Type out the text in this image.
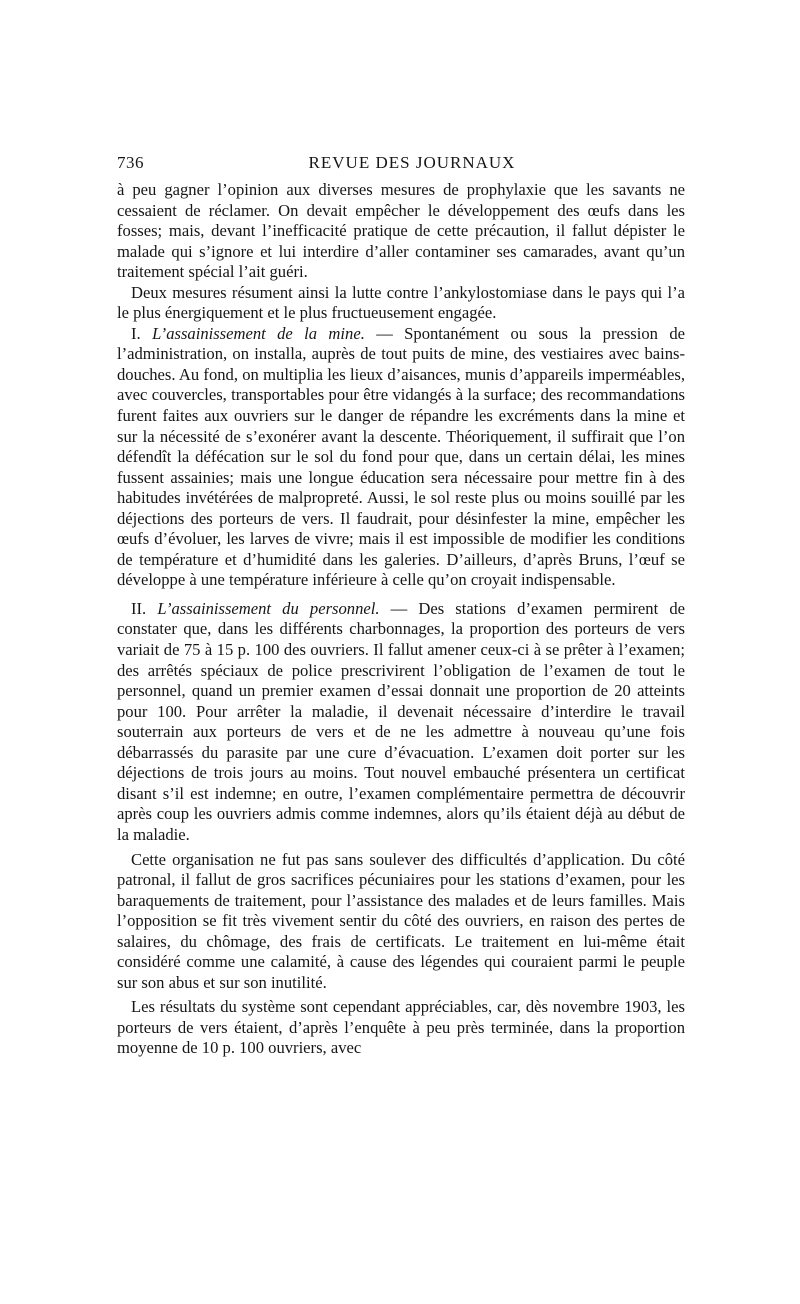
736	REVUE DES JOURNAUX

à peu gagner l’opinion aux diverses mesures de prophylaxie que les savants ne cessaient de réclamer. On devait empêcher le développement des œufs dans les fosses; mais, devant l’inefficacité pratique de cette précaution, il fallut dépister le malade qui s’ignore et lui interdire d’aller contaminer ses camarades, avant qu’un traitement spécial l’ait guéri.

Deux mesures résument ainsi la lutte contre l’ankylostomiase dans le pays qui l’a le plus énergiquement et le plus fructueusement engagée.

I. L’assainissement de la mine. — Spontanément ou sous la pression de l’administration, on installa, auprès de tout puits de mine, des vestiaires avec bains-douches. Au fond, on multiplia les lieux d’aisances, munis d’appareils imperméables, avec couvercles, transportables pour être vidangés à la surface; des recommandations furent faites aux ouvriers sur le danger de répandre les excréments dans la mine et sur la nécessité de s’exonérer avant la descente. Théoriquement, il suffirait que l’on défendît la défécation sur le sol du fond pour que, dans un certain délai, les mines fussent assainies; mais une longue éducation sera nécessaire pour mettre fin à des habitudes invétérées de malpropreté. Aussi, le sol reste plus ou moins souillé par les déjections des porteurs de vers. Il faudrait, pour désinfester la mine, empêcher les œufs d’évoluer, les larves de vivre; mais il est impossible de modifier les conditions de température et d’humidité dans les galeries. D’ailleurs, d’après Bruns, l’œuf se développe à une température inférieure à celle qu’on croyait indispensable.

II. L’assainissement du personnel. — Des stations d’examen permirent de constater que, dans les différents charbonnages, la proportion des porteurs de vers variait de 75 à 15 p. 100 des ouvriers. Il fallut amener ceux-ci à se prêter à l’examen; des arrêtés spéciaux de police prescrivirent l’obligation de l’examen de tout le personnel, quand un premier examen d’essai donnait une proportion de 20 atteints pour 100. Pour arrêter la maladie, il devenait nécessaire d’interdire le travail souterrain aux porteurs de vers et de ne les admettre à nouveau qu’une fois débarrassés du parasite par une cure d’évacuation. L’examen doit porter sur les déjections de trois jours au moins. Tout nouvel embauché présentera un certificat disant s’il est indemne; en outre, l’examen complémentaire permettra de découvrir après coup les ouvriers admis comme indemnes, alors qu’ils étaient déjà au début de la maladie.

Cette organisation ne fut pas sans soulever des difficultés d’application. Du côté patronal, il fallut de gros sacrifices pécuniaires pour les stations d’examen, pour les baraquements de traitement, pour l’assistance des malades et de leurs familles. Mais l’opposition se fit très vivement sentir du côté des ouvriers, en raison des pertes de salaires, du chômage, des frais de certificats. Le traitement en lui-même était considéré comme une calamité, à cause des légendes qui couraient parmi le peuple sur son abus et sur son inutilité.

Les résultats du système sont cependant appréciables, car, dès novembre 1903, les porteurs de vers étaient, d’après l’enquête à peu près terminée, dans la proportion moyenne de 10 p. 100 ouvriers, avec
